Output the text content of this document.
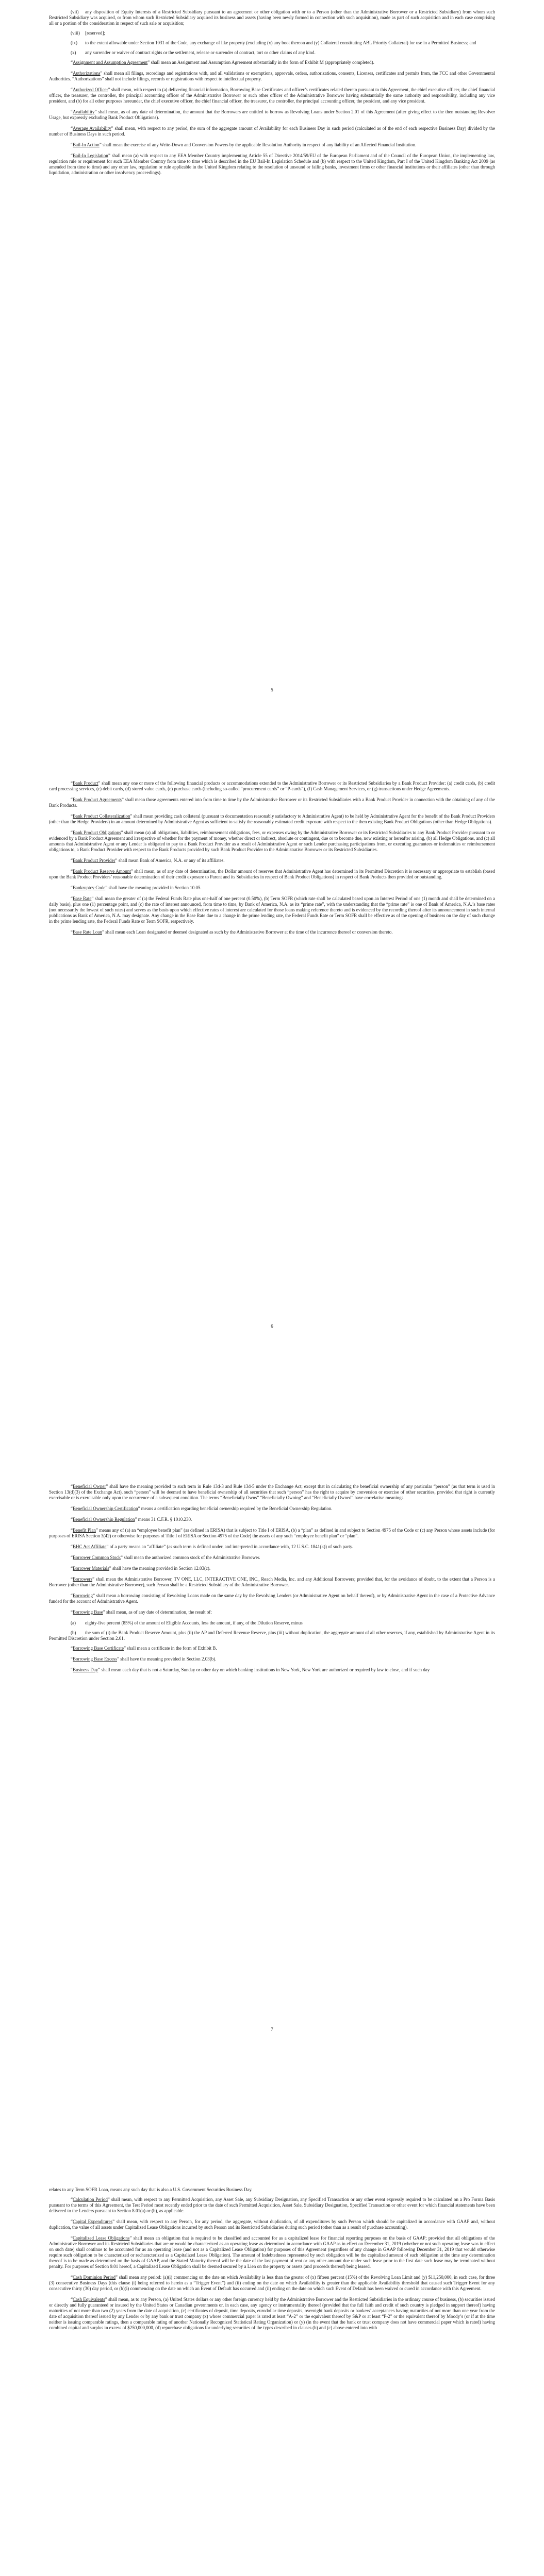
(vii) any disposition of Equity Interests of a Restricted Subsidiary pursuant to an agreement or other obligation with or to a Person (other than the Administrative Borrower or a Restricted Subsidiary) from whom such Restricted Subsidiary was acquired, or from whom such Restricted Subsidiary acquired its business and assets (having been newly formed in connection with such acquisition), made as part of such acquisition and in each case comprising all or a portion of the consideration in respect of such sale or acquisition;

(viii) [reserved];

(ix) to the extent allowable under Section 1031 of the Code, any exchange of like property (excluding (x) any boot thereon and (y) Collateral constituting ABL Priority Collateral) for use in a Permitted Business; and

(x) any surrender or waiver of contract rights or the settlement, release or surrender of contract, tort or other claims of any kind.

“Assignment and Assumption Agreement” shall mean an Assignment and Assumption Agreement substantially in the form of Exhibit M (appropriately completed).

“Authorizations” shall mean all filings, recordings and registrations with, and all validations or exemptions, approvals, orders, authorizations, consents, Licenses, certificates and permits from, the FCC and other Governmental Authorities. “Authorizations” shall not include filings, records or registrations with respect to intellectual property.

“Authorized Officer” shall mean, with respect to (a) delivering financial information, Borrowing Base Certificates and officer’s certificates related thereto pursuant to this Agreement, the chief executive officer, the chief financial officer, the treasurer, the controller, the principal accounting officer of the Administrative Borrower or such other officer of the Administrative Borrower having substantially the same authority and responsibility, including any vice president, and (b) for all other purposes hereunder, the chief executive officer, the chief financial officer, the treasurer, the controller, the principal accounting officer, the president, and any vice president.

“Availability” shall mean, as of any date of determination, the amount that the Borrowers are entitled to borrow as Revolving Loans under Section 2.01 of this Agreement (after giving effect to the then outstanding Revolver Usage, but expressly excluding Bank Product Obligations).

“Average Availability” shall mean, with respect to any period, the sum of the aggregate amount of Availability for each Business Day in such period (calculated as of the end of each respective Business Day) divided by the number of Business Days in such period.

“Bail-In Action” shall mean the exercise of any Write-Down and Conversion Powers by the applicable Resolution Authority in respect of any liability of an Affected Financial Institution.

“Bail-In Legislation” shall mean (a) with respect to any EEA Member Country implementing Article 55 of Directive 2014/59/EU of the European Parliament and of the Council of the European Union, the implementing law, regulation rule or requirement for such EEA Member Country from time to time which is described in the EU Bail-In Legislation Schedule and (b) with respect to the United Kingdom, Part I of the United Kingdom Banking Act 2009 (as amended from time to time) and any other law, regulation or rule applicable in the United Kingdom relating to the resolution of unsound or failing banks, investment firms or other financial institutions or their affiliates (other than through liquidation, administration or other insolvency proceedings).

5

“Bank Product” shall mean any one or more of the following financial products or accommodations extended to the Administrative Borrower or its Restricted Subsidiaries by a Bank Product Provider: (a) credit cards, (b) credit card processing services, (c) debit cards, (d) stored value cards, (e) purchase cards (including so-called “procurement cards” or “P-cards”), (f) Cash Management Services, or (g) transactions under Hedge Agreements.

“Bank Product Agreements” shall mean those agreements entered into from time to time by the Administrative Borrower or its Restricted Subsidiaries with a Bank Product Provider in connection with the obtaining of any of the Bank Products.

“Bank Product Collateralization” shall mean providing cash collateral (pursuant to documentation reasonably satisfactory to Administrative Agent) to be held by Administrative Agent for the benefit of the Bank Product Providers (other than the Hedge Providers) in an amount determined by Administrative Agent as sufficient to satisfy the reasonably estimated credit exposure with respect to the then existing Bank Product Obligations (other than Hedge Obligations).

“Bank Product Obligations” shall mean (a) all obligations, liabilities, reimbursement obligations, fees, or expenses owing by the Administrative Borrower or its Restricted Subsidiaries to any Bank Product Provider pursuant to or evidenced by a Bank Product Agreement and irrespective of whether for the payment of money, whether direct or indirect, absolute or contingent, due or to become due, now existing or hereafter arising, (b) all Hedge Obligations, and (c) all amounts that Administrative Agent or any Lender is obligated to pay to a Bank Product Provider as a result of Administrative Agent or such Lender purchasing participations from, or executing guarantees or indemnities or reimbursement obligations to, a Bank Product Provider with respect to the Bank Products provided by such Bank Product Provider to the Administrative Borrower or its Restricted Subsidiaries.

“Bank Product Provider” shall mean Bank of America, N.A. or any of its affiliates.

“Bank Product Reserve Amount” shall mean, as of any date of determination, the Dollar amount of reserves that Administrative Agent has determined in its Permitted Discretion it is necessary or appropriate to establish (based upon the Bank Product Providers’ reasonable determination of their credit exposure to Parent and its Subsidiaries in respect of Bank Product Obligations) in respect of Bank Products then provided or outstanding.

“Bankruptcy Code” shall have the meaning provided in Section 10.05.

“Base Rate” shall mean the greater of (a) the Federal Funds Rate plus one-half of one percent (0.50%), (b) Term SOFR (which rate shall be calculated based upon an Interest Period of one (1) month and shall be determined on a daily basis), plus one (1) percentage point, and (c) the rate of interest announced, from time to time, by Bank of America, N.A. as its “prime rate”, with the understanding that the “prime rate” is one of Bank of America, N.A.’s base rates (not necessarily the lowest of such rates) and serves as the basis upon which effective rates of interest are calculated for those loans making reference thereto and is evidenced by the recording thereof after its announcement in such internal publications as Bank of America, N.A. may designate. Any change in the Base Rate due to a change in the prime lending rate, the Federal Funds Rate or Term SOFR shall be effective as of the opening of business on the day of such change in the prime lending rate, the Federal Funds Rate or Term SOFR, respectively.

“Base Rate Loan” shall mean each Loan designated or deemed designated as such by the Administrative Borrower at the time of the incurrence thereof or conversion thereto.

6

“Beneficial Owner” shall have the meaning provided to such term in Rule 13d-3 and Rule 13d-5 under the Exchange Act; except that in calculating the beneficial ownership of any particular “person” (as that term is used in Section 13(d)(3) of the Exchange Act), such “person” will be deemed to have beneficial ownership of all securities that such “person” has the right to acquire by conversion or exercise of other securities, provided that right is currently exercisable or is exercisable only upon the occurrence of a subsequent condition. The terms “Beneficially Owns” “Beneficially Owning” and “Beneficially Owned” have correlative meanings.

“Beneficial Ownership Certification” means a certification regarding beneficial ownership required by the Beneficial Ownership Regulation.

“Beneficial Ownership Regulation” means 31 C.F.R. § 1010.230.

“Benefit Plan” means any of (a) an “employee benefit plan” (as defined in ERISA) that is subject to Title I of ERISA, (b) a “plan” as defined in and subject to Section 4975 of the Code or (c) any Person whose assets include (for purposes of ERISA Section 3(42) or otherwise for purposes of Title I of ERISA or Section 4975 of the Code) the assets of any such “employee benefit plan” or “plan”.

“BHC Act Affiliate” of a party means an “affiliate” (as such term is defined under, and interpreted in accordance with, 12 U.S.C. 1841(k)) of such party.

“Borrower Common Stock” shall mean the authorized common stock of the Administrative Borrower.

“Borrower Materials” shall have the meaning provided in Section 12.03(c).

“Borrowers” shall mean the Administrative Borrower, TV ONE, LLC, INTERACTIVE ONE, INC., Reach Media, Inc. and any Additional Borrowers; provided that, for the avoidance of doubt, to the extent that a Person is a Borrower (other than the Administrative Borrower), such Person shall be a Restricted Subsidiary of the Administrative Borrower.

“Borrowing” shall mean a borrowing consisting of Revolving Loans made on the same day by the Revolving Lenders (or Administrative Agent on behalf thereof), or by Administrative Agent in the case of a Protective Advance funded for the account of Administrative Agent.

“Borrowing Base” shall mean, as of any date of determination, the result of:

(a) eighty-five percent (85%) of the amount of Eligible Accounts, less the amount, if any, of the Dilution Reserve, minus

(b) the sum of (i) the Bank Product Reserve Amount, plus (ii) the AP and Deferred Revenue Reserve, plus (iii) without duplication, the aggregate amount of all other reserves, if any, established by Administrative Agent in its Permitted Discretion under Section 2.01.

“Borrowing Base Certificate” shall mean a certificate in the form of Exhibit B.

“Borrowing Base Excess” shall have the meaning provided in Section 2.03(b).

“Business Day” shall mean each day that is not a Saturday, Sunday or other day on which banking institutions in New York, New York are authorized or required by law to close, and if such day

7

relates to any Term SOFR Loan, means any such day that is also a U.S. Government Securities Business Day.

“Calculation Period” shall mean, with respect to any Permitted Acquisition, any Asset Sale, any Subsidiary Designation, any Specified Transaction or any other event expressly required to be calculated on a Pro Forma Basis pursuant to the terms of this Agreement, the Test Period most recently ended prior to the date of such Permitted Acquisition, Asset Sale, Subsidiary Designation, Specified Transaction or other event for which financial statements have been delivered to the Lenders pursuant to Section 8.01(a) or (b), as applicable.

“Capital Expenditures” shall mean, with respect to any Person, for any period, the aggregate, without duplication, of all expenditures by such Person which should be capitalized in accordance with GAAP and, without duplication, the value of all assets under Capitalized Lease Obligations incurred by such Person and its Restricted Subsidiaries during such period (other than as a result of purchase accounting).

“Capitalized Lease Obligations” shall mean an obligation that is required to be classified and accounted for as a capitalized lease for financial reporting purposes on the basis of GAAP; provided that all obligations of the Administrative Borrower and its Restricted Subsidiaries that are or would be characterized as an operating lease as determined in accordance with GAAP as in effect on December 31, 2019 (whether or not such operating lease was in effect on such date) shall continue to be accounted for as an operating lease (and not as a Capitalized Lease Obligation) for purposes of this Agreement (regardless of any change in GAAP following December 31, 2019 that would otherwise require such obligation to be characterized or recharacterized as a Capitalized Lease Obligation). The amount of Indebtedness represented by such obligation will be the capitalized amount of such obligation at the time any determination thereof is to be made as determined on the basis of GAAP, and the Stated Maturity thereof will be the date of the last payment of rent or any other amount due under such lease prior to the first date such lease may be terminated without penalty. For purposes of Section 9.01 hereof, a Capitalized Lease Obligation shall be deemed secured by a Lien on the property or assets (and proceeds thereof) being leased.

“Cash Dominion Period” shall mean any period: (a)(i) commencing on the date on which Availability is less than the greater of (x) fifteen percent (15%) of the Revolving Loan Limit and (y) $11,250,000, in each case, for three (3) consecutive Business Days (this clause (i) being referred to herein as a “Trigger Event”) and (ii) ending on the date on which Availability is greater than the applicable Availability threshold that caused such Trigger Event for any consecutive thirty (30) day period, or (b)(i) commencing on the date on which an Event of Default has occurred and (ii) ending on the date on which such Event of Default has been waived or cured in accordance with this Agreement.

“Cash Equivalents” shall mean, as to any Person, (a) United States dollars or any other foreign currency held by the Administrative Borrower and the Restricted Subsidiaries in the ordinary course of business, (b) securities issued or directly and fully guaranteed or insured by the United States or Canadian governments or, in each case, any agency or instrumentality thereof (provided that the full faith and credit of such country is pledged in support thereof) having maturities of not more than two (2) years from the date of acquisition, (c) certificates of deposit, time deposits, eurodollar time deposits, overnight bank deposits or bankers’ acceptances having maturities of not more than one year from the date of acquisition thereof issued by any Lender or by any bank or trust company (x) whose commercial paper is rated at least “A-2” or the equivalent thereof by S&P or at least “P-2” or the equivalent thereof by Moody’s (or if at the time neither is issuing comparable ratings, then a comparable rating of another Nationally Recognized Statistical Rating Organization) or (y) (in the event that the bank or trust company does not have commercial paper which is rated) having combined capital and surplus in excess of $250,000,000, (d) repurchase obligations for underlying securities of the types described in clauses (b) and (c) above entered into with
